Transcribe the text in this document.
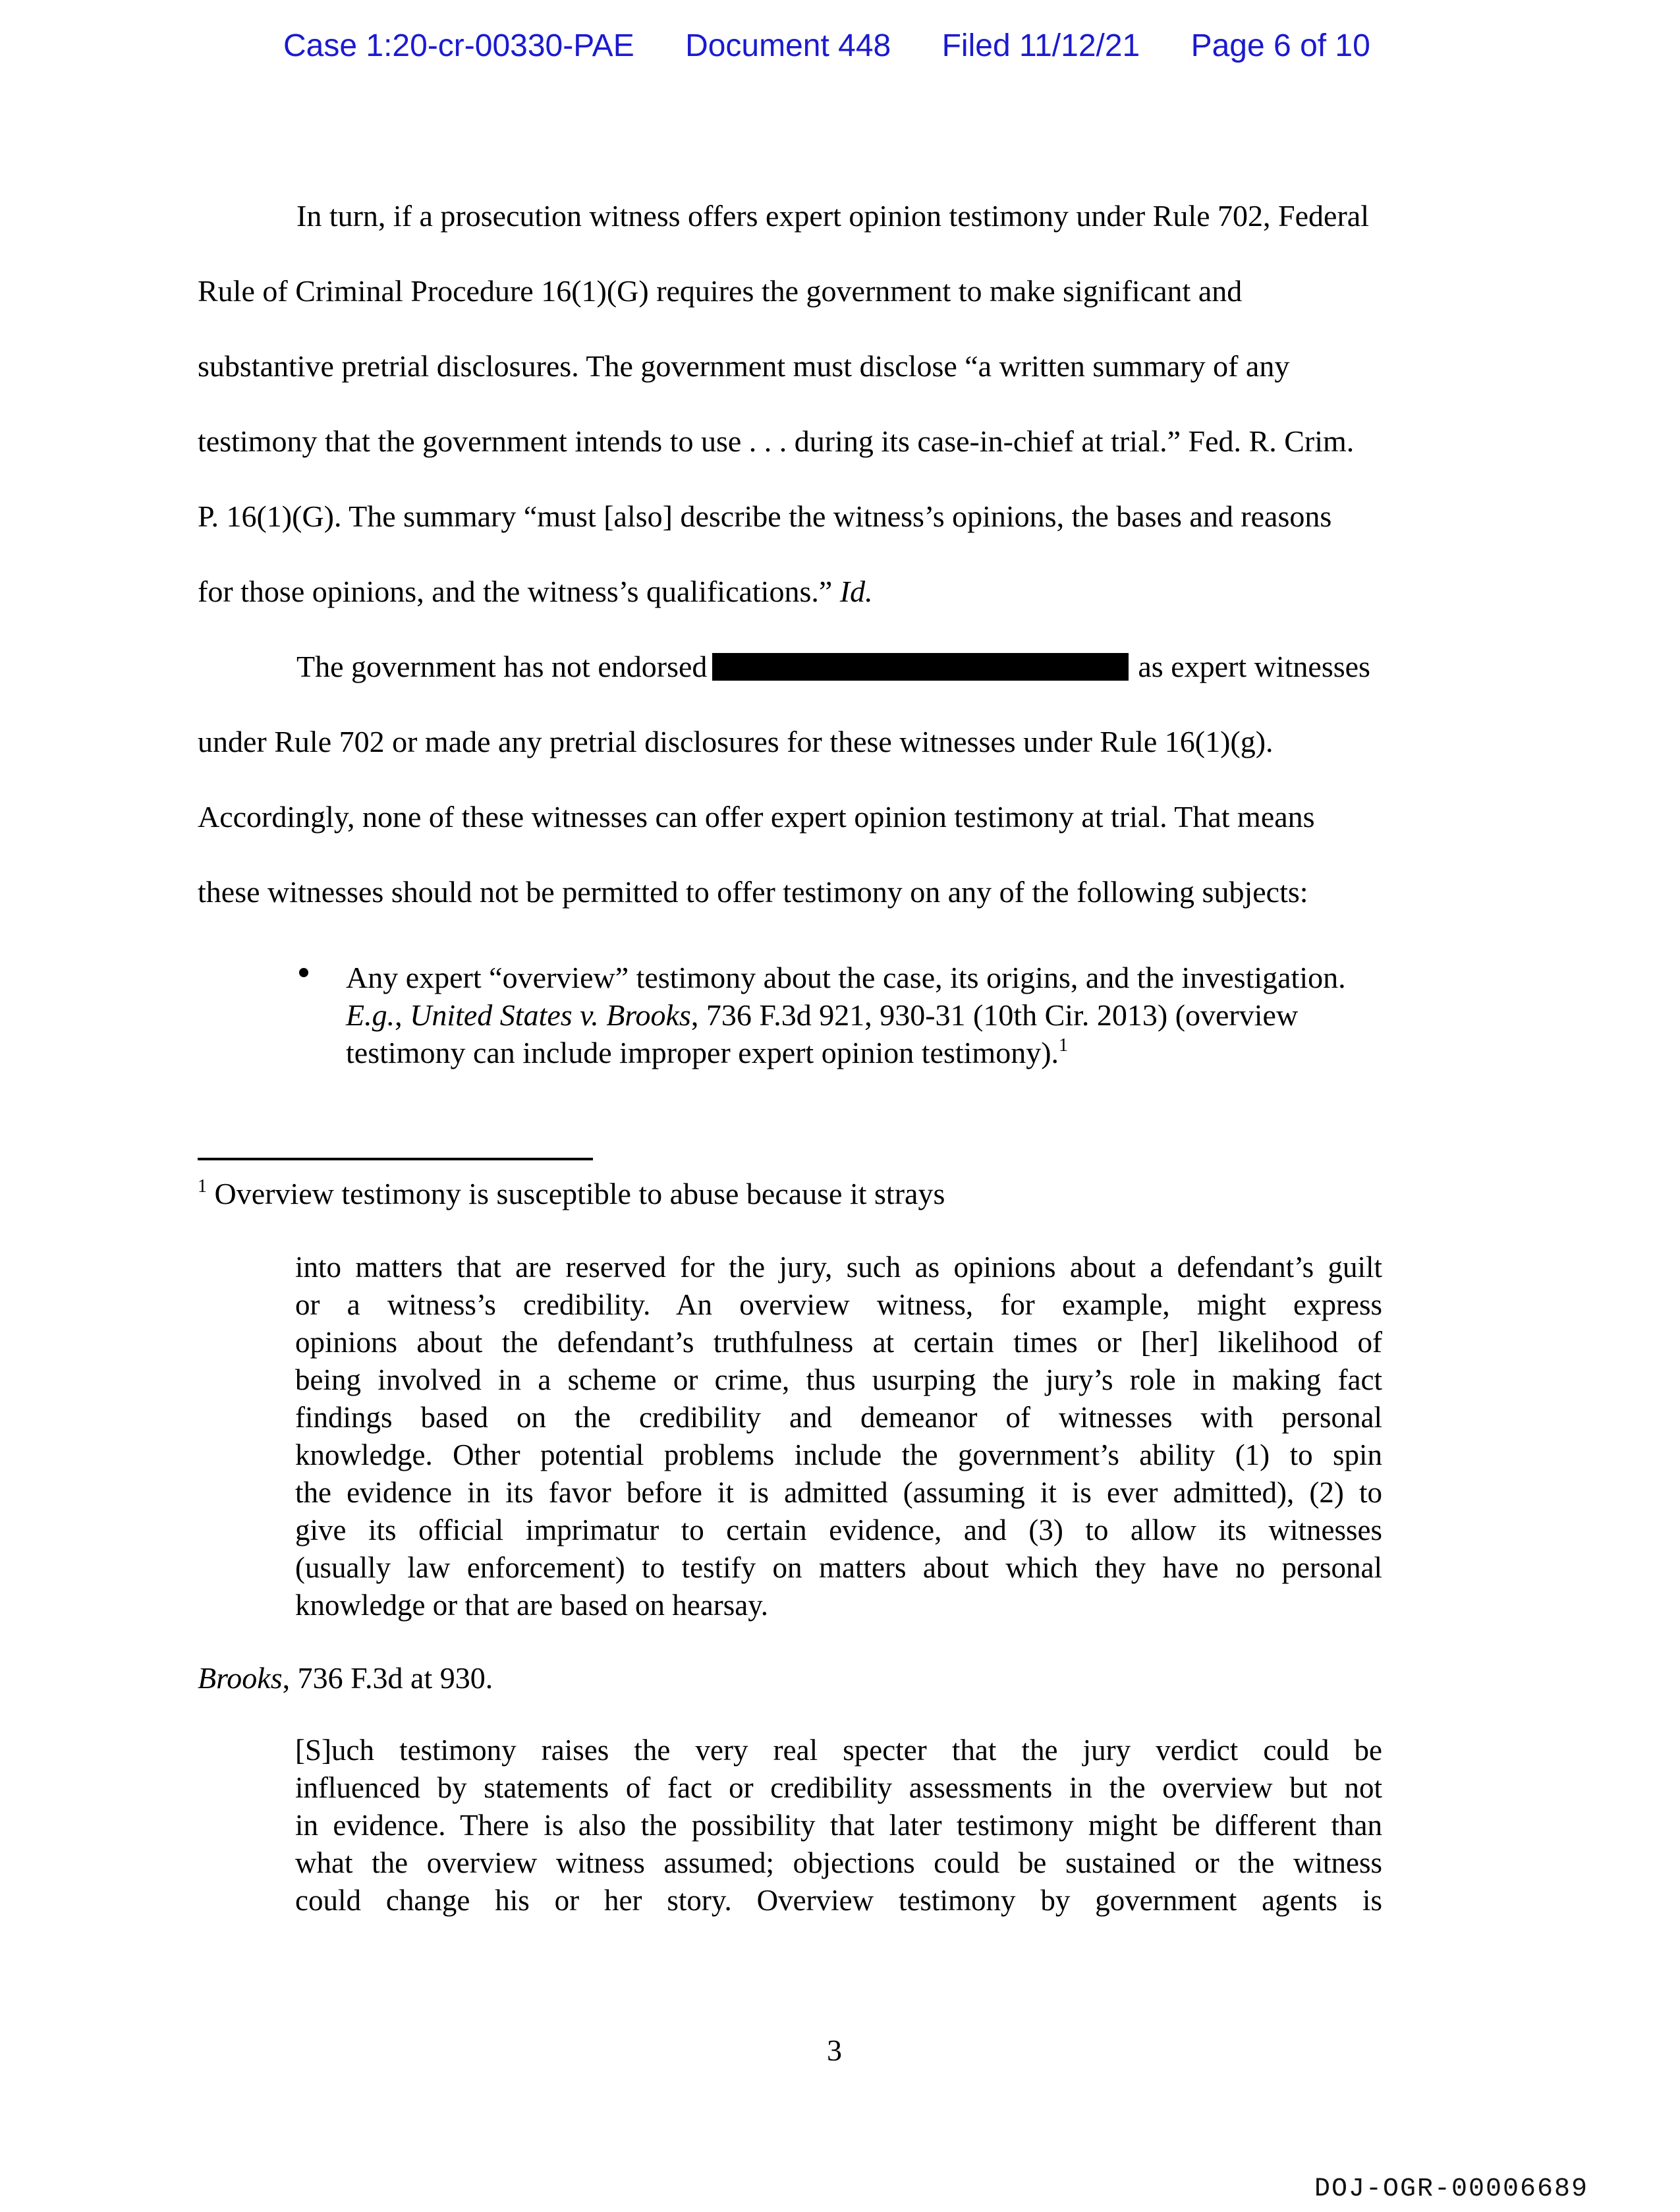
Case 1:20-cr-00330-PAE Document 448 Filed 11/12/21 Page 6 of 10
In turn, if a prosecution witness offers expert opinion testimony under Rule 702, Federal
Rule of Criminal Procedure 16(1)(G) requires the government to make significant and
substantive pretrial disclosures. The government must disclose “a written summary of any
testimony that the government intends to use . . . during its case-in-chief at trial.” Fed. R. Crim.
P. 16(1)(G). The summary “must [also] describe the witness’s opinions, the bases and reasons
for those opinions, and the witness’s qualifications.” Id.
The government has not endorsed	as expert witnesses
under Rule 702 or made any pretrial disclosures for these witnesses under Rule 16(1)(g).
Accordingly, none of these witnesses can offer expert opinion testimony at trial. That means
these witnesses should not be permitted to offer testimony on any of the following subjects:
Any expert “overview” testimony about the case, its origins, and the investigation.
E.g., United States v. Brooks, 736 F.3d 921, 930-31 (10th Cir. 2013) (overview
testimony can include improper expert opinion testimony).$^1$
$^1$ Overview testimony is susceptible to abuse because it strays
into matters that are reserved for the jury, such as opinions about a defendant’s guilt
or a witness’s credibility. An overview witness, for example, might express
opinions about the defendant’s truthfulness at certain times or [her] likelihood of
being involved in a scheme or crime, thus usurping the jury’s role in making fact
findings based on the credibility and demeanor of witnesses with personal
knowledge. Other potential problems include the government’s ability (1) to spin
the evidence in its favor before it is admitted (assuming it is ever admitted), (2) to
give its official imprimatur to certain evidence, and (3) to allow its witnesses
(usually law enforcement) to testify on matters about which they have no personal
knowledge or that are based on hearsay.
Brooks, 736 F.3d at 930.
[S]uch testimony raises the very real specter that the jury verdict could be
influenced by statements of fact or credibility assessments in the overview but not
in evidence. There is also the possibility that later testimony might be different than
what the overview witness assumed; objections could be sustained or the witness
could change his or her story. Overview testimony by government agents is
3
DOJ-OGR-00006689
